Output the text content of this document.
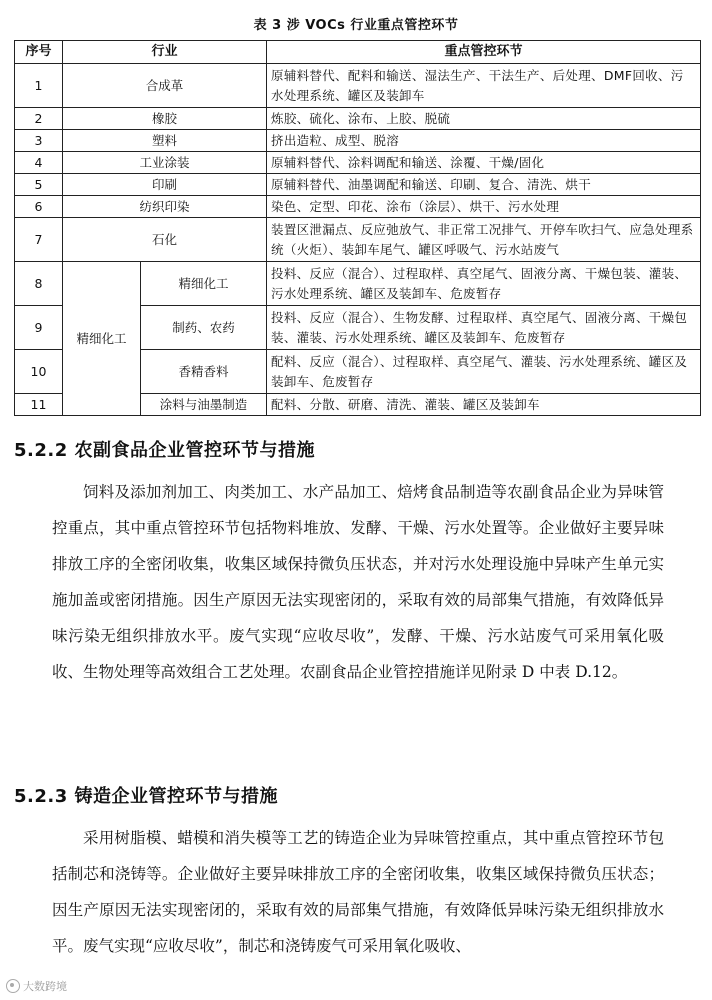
表 3 涉 VOCs 行业重点管控环节
序号	行业		重点管控环节
1	合成革		原辅料替代、配料和输送、湿法生产、干法生产、后处理、DMF回收、污水处理系统、罐区及装卸车
2	橡胶		炼胶、硫化、涂布、上胶、脱硫
3	塑料		挤出造粒、成型、脱溶
4	工业涂装		原辅料替代、涂料调配和输送、涂覆、干燥/固化
5	印刷		原辅料替代、油墨调配和输送、印刷、复合、清洗、烘干
6	纺织印染		染色、定型、印花、涂布（涂层）、烘干、污水处理
7	石化		装置区泄漏点、反应弛放气、非正常工况排气、开停车吹扫气、应急处理系统（火炬）、装卸车尾气、罐区呼吸气、污水站废气
8	精细化工	精细化工	投料、反应（混合）、过程取样、真空尾气、固液分离、干燥包装、灌装、污水处理系统、罐区及装卸车、危废暂存
9		制药、农药	投料、反应（混合）、生物发酵、过程取样、真空尾气、固液分离、干燥包装、灌装、污水处理系统、罐区及装卸车、危废暂存
10		香精香料	配料、反应（混合）、过程取样、真空尾气、灌装、污水处理系统、罐区及装卸车、危废暂存
11		涂料与油墨制造	配料、分散、研磨、清洗、灌装、罐区及装卸车
5.2.2 农副食品企业管控环节与措施
饲料及添加剂加工、肉类加工、水产品加工、焙烤食品制造等农副食品企业为异味管控重点，其中重点管控环节包括物料堆放、发酵、干燥、污水处置等。企业做好主要异味排放工序的全密闭收集，收集区域保持微负压状态，并对污水处理设施中异味产生单元实施加盖或密闭措施。因生产原因无法实现密闭的，采取有效的局部集气措施，有效降低异味污染无组织排放水平。废气实现“应收尽收”，发酵、干燥、污水站废气可采用氧化吸收、生物处理等高效组合工艺处理。农副食品企业管控措施详见附录 D 中表 D.12。
5.2.3 铸造企业管控环节与措施
采用树脂模、蜡模和消失模等工艺的铸造企业为异味管控重点，其中重点管控环节包括制芯和浇铸等。企业做好主要异味排放工序的全密闭收集，收集区域保持微负压状态；因生产原因无法实现密闭的，采取有效的局部集气措施，有效降低异味污染无组织排放水平。废气实现“应收尽收”，制芯和浇铸废气可采用氧化吸收、
大数跨境
